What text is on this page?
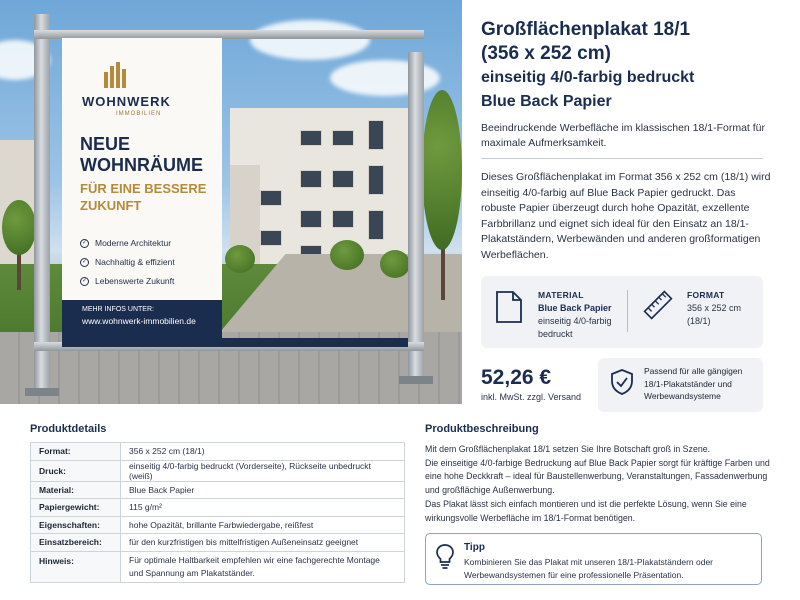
WOHNWERK
IMMOBILIEN
NEUE
WOHNRÄUME
FÜR EINE BESSERE ZUKUNFT
✓ Moderne Architektur
✓ Nachhaltig & effizient
✓ Lebenswerte Zukunft
MEHR INFOS UNTER:
www.wohnwerk-immobilien.de
Großflächenplakat 18/1
(356 x 252 cm)
einseitig 4/0-farbig bedruckt
Blue Back Papier
Beeindruckende Werbefläche im klassischen 18/1-Format für maximale Aufmerksamkeit.
Dieses Großflächenplakat im Format 356 x 252 cm (18/1) wird einseitig 4/0-farbig auf Blue Back Papier gedruckt. Das robuste Papier überzeugt durch hohe Opazität, exzellente Farbbrillanz und eignet sich ideal für den Einsatz an 18/1-Plakatständern, Werbewänden und anderen großformatigen Werbeflächen.
MATERIAL
Blue Back Papier
einseitig 4/0-farbig bedruckt
FORMAT
356 x 252 cm (18/1)
52,26 €
inkl. MwSt. zzgl. Versand
Passend für alle gängigen 18/1-Plakatständer und Werbewandsysteme
Produktdetails
Format:	356 x 252 cm (18/1)
Druck:	einseitig 4/0-farbig bedruckt (Vorderseite), Rückseite unbedruckt (weiß)
Material:	Blue Back Papier
Papiergewicht:	115 g/m²
Eigenschaften:	hohe Opazität, brillante Farbwiedergabe, reißfest
Einsatzbereich:	für den kurzfristigen bis mittelfristigen Außeneinsatz geeignet
Hinweis:	Für optimale Haltbarkeit empfehlen wir eine fachgerechte Montage und Spannung am Plakatständer.
Produktbeschreibung
Mit dem Großflächenplakat 18/1 setzen Sie Ihre Botschaft groß in Szene.
Die einseitige 4/0-farbige Bedruckung auf Blue Back Papier sorgt für kräftige Farben und eine hohe Deckkraft – ideal für Baustellenwerbung, Veranstaltungen, Fassadenwerbung und großflächige Außenwerbung.
Das Plakat lässt sich einfach montieren und ist die perfekte Lösung, wenn Sie eine wirkungsvolle Werbefläche im 18/1-Format benötigen.
Tipp
Kombinieren Sie das Plakat mit unseren 18/1-Plakatständern oder Werbewandsystemen für eine professionelle Präsentation.
